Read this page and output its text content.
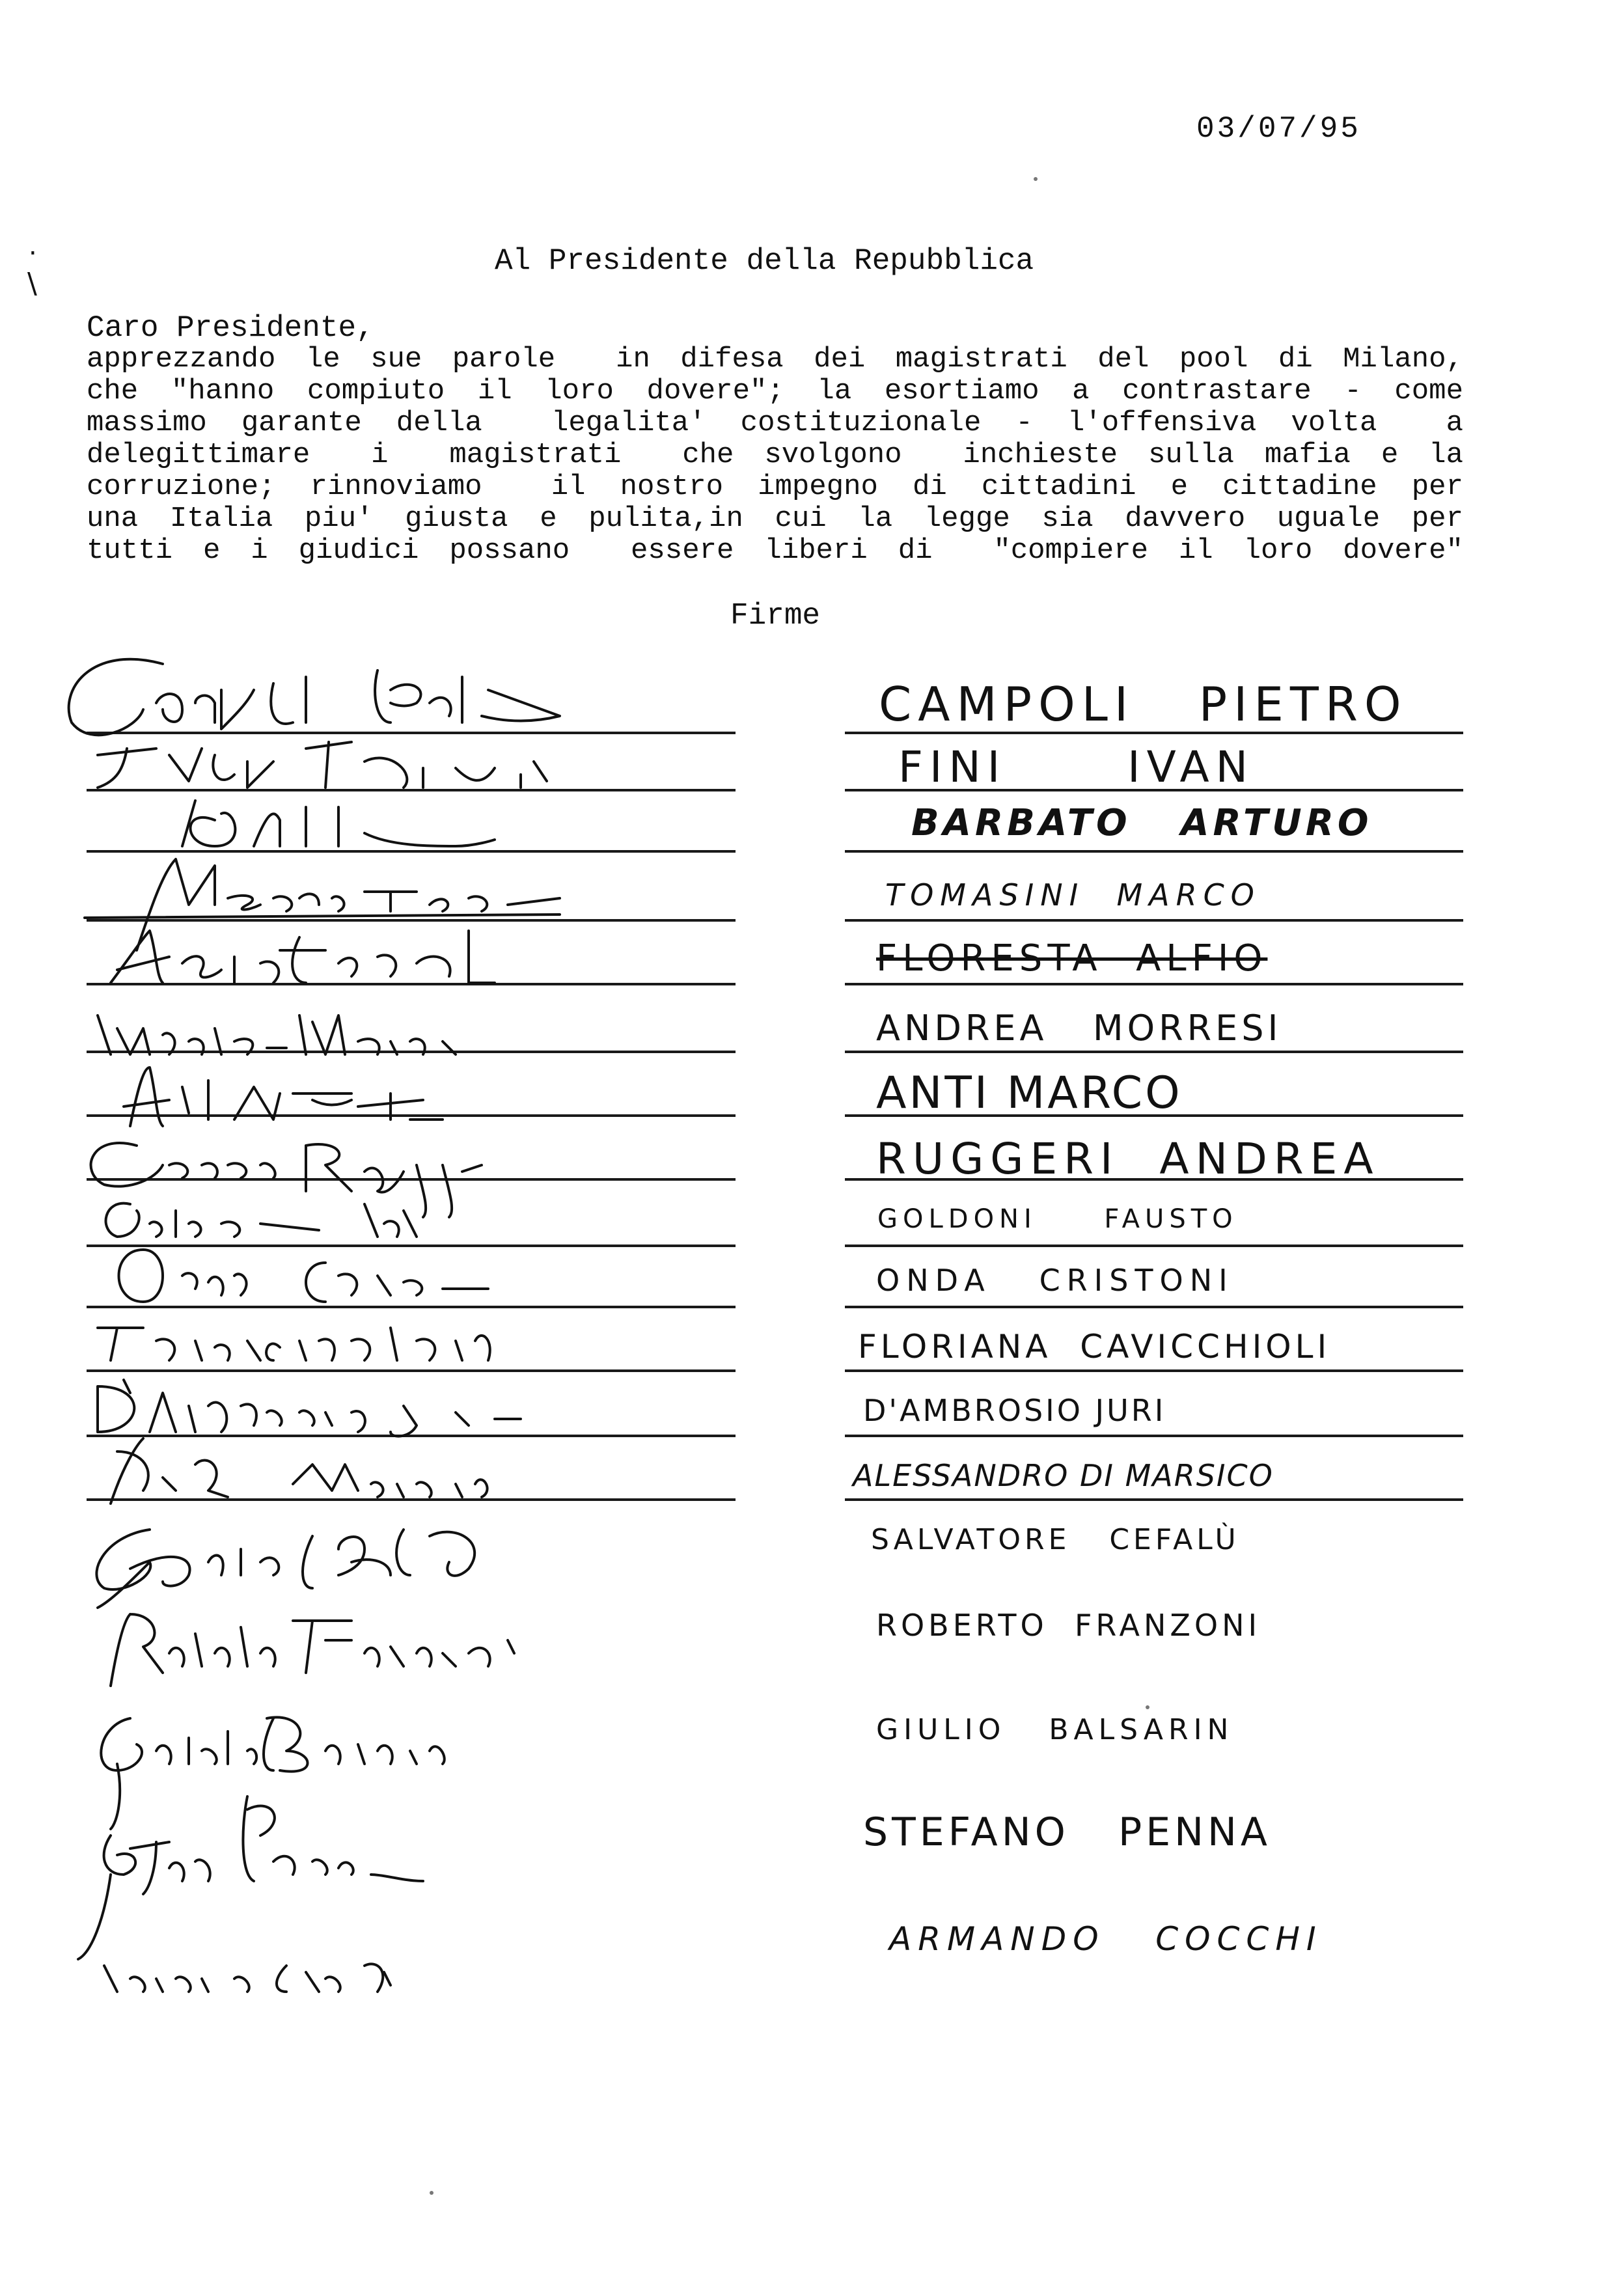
.
\
03/07/95
Al Presidente della Repubblica
Caro Presidente,
apprezzando le sue parole  in difesa dei magistrati del pool di Milano,
che "hanno compiuto il loro dovere"; la esortiamo a contrastare - come
massimo garante della  legalita' costituzionale - l'offensiva volta  a
delegittimare  i  magistrati  che svolgono  inchieste sulla mafia e la
corruzione; rinnoviamo  il nostro impegno di cittadini e cittadine per
una Italia piu' giusta e pulita,in cui la legge sia davvero uguale per
tutti e i giudici possano  essere liberi di  "compiere il loro dovere"
Firme
CAMPOLI   PIETRO
FINI      IVAN
BARBATO   ARTURO
TOMASINI  MARCO
FLORESTA  ALFIO
ANDREA   MORRESI
ANTI MARCO
RUGGERI  ANDREA
GOLDONI     FAUSTO
ONDA   CRISTONI
FLORIANA  CAVICCHIOLI
D'AMBROSIO JURI
ALESSANDRO DI MARSICO
SALVATORE   CEFALÙ
ROBERTO  FRANZONI
GIULIO   BALSARIN
STEFANO   PENNA
ARMANDO   COCCHI
